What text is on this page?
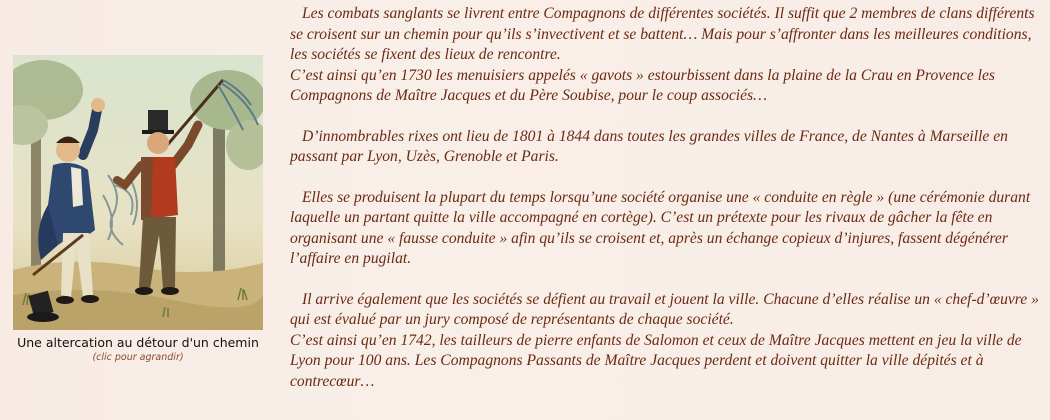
Une altercation au détour d'un chemin
(clic pour agrandir)

Les combats sanglants se livrent entre Compagnons de différentes sociétés. Il suffit que 2 membres de clans différents se croisent sur un chemin pour qu’ils s’invectivent et se battent… Mais pour s’affronter dans les meilleures conditions, les sociétés se fixent des lieux de rencontre.

C’est ainsi qu’en 1730 les menuisiers appelés « gavots » estourbissent dans la plaine de la Crau en Provence les Compagnons de Maître Jacques et du Père Soubise, pour le coup associés…

D’innombrables rixes ont lieu de 1801 à 1844 dans toutes les grandes villes de France, de Nantes à Marseille en passant par Lyon, Uzès, Grenoble et Paris.

Elles se produisent la plupart du temps lorsqu’une société organise une « conduite en règle » (une cérémonie durant laquelle un partant quitte la ville accompagné en cortège). C’est un prétexte pour les rivaux de gâcher la fête en organisant une « fausse conduite » afin qu’ils se croisent et, après un échange copieux d’injures, fassent dégénérer l’affaire en pugilat.

Il arrive également que les sociétés se défient au travail et jouent la ville. Chacune d’elles réalise un « chef-d’œuvre » qui est évalué par un jury composé de représentants de chaque société.

C’est ainsi qu’en 1742, les tailleurs de pierre enfants de Salomon et ceux de Maître Jacques mettent en jeu la ville de Lyon pour 100 ans. Les Compagnons Passants de Maître Jacques perdent et doivent quitter la ville dépités et à contrecœur…
